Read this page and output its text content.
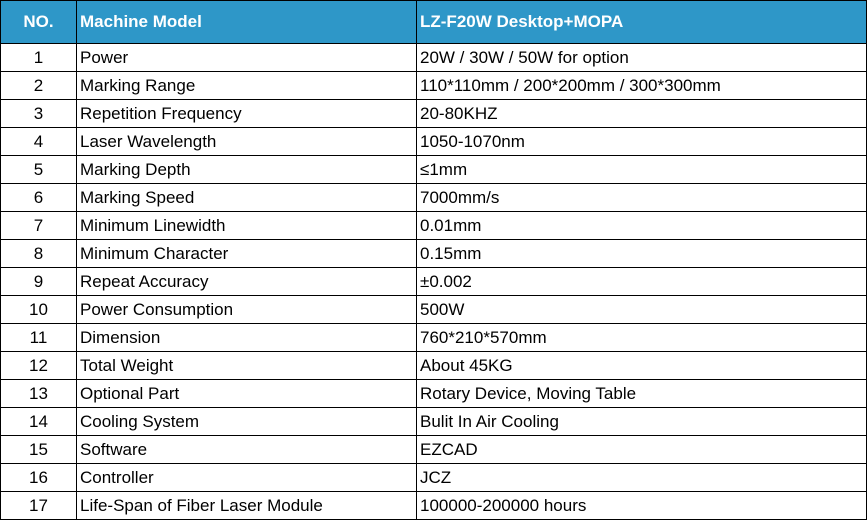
NO.	Machine Model	LZ-F20W Desktop+MOPA
1	Power	20W / 30W / 50W for option
2	Marking Range	110*110mm / 200*200mm / 300*300mm
3	Repetition Frequency	20-80KHZ
4	Laser Wavelength	1050-1070nm
5	Marking Depth	≤1mm
6	Marking Speed	7000mm/s
7	Minimum Linewidth	0.01mm
8	Minimum Character	0.15mm
9	Repeat Accuracy	±0.002
10	Power Consumption	500W
11	Dimension	760*210*570mm
12	Total Weight	About 45KG
13	Optional Part	Rotary Device, Moving Table
14	Cooling System	Bulit In Air Cooling
15	Software	EZCAD
16	Controller	JCZ
17	Life-Span of Fiber Laser Module	100000-200000 hours
